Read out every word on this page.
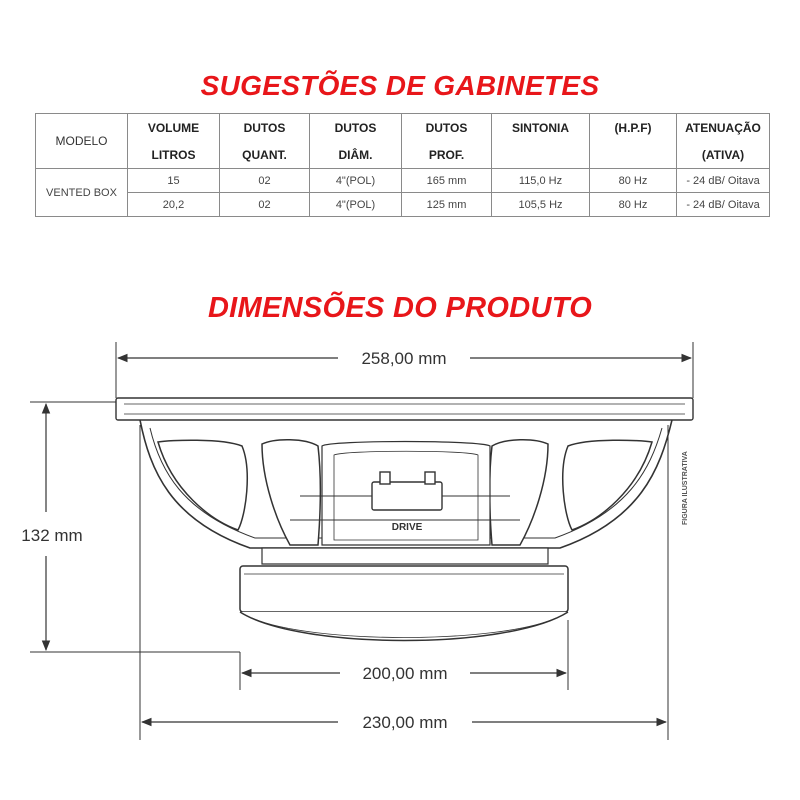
SUGESTÕES DE GABINETES
MODELO	VOLUME	DUTOS	DUTOS	DUTOS	SINTONIA	(H.P.F)	ATENUAÇÃO
	LITROS	QUANT.	DIÂM.	PROF.			(ATIVA)
VENTED BOX	15	02	4"(POL)	165 mm	115,0 Hz	80 Hz	- 24 dB/ Oitava
	20,2	02	4"(POL)	125 mm	105,5 Hz	80 Hz	- 24 dB/ Oitava
DIMENSÕES DO PRODUTO
258,00 mm
132 mm	DRIVE
FIGURA ILUSTRATIVA
200,00 mm
230,00 mm
